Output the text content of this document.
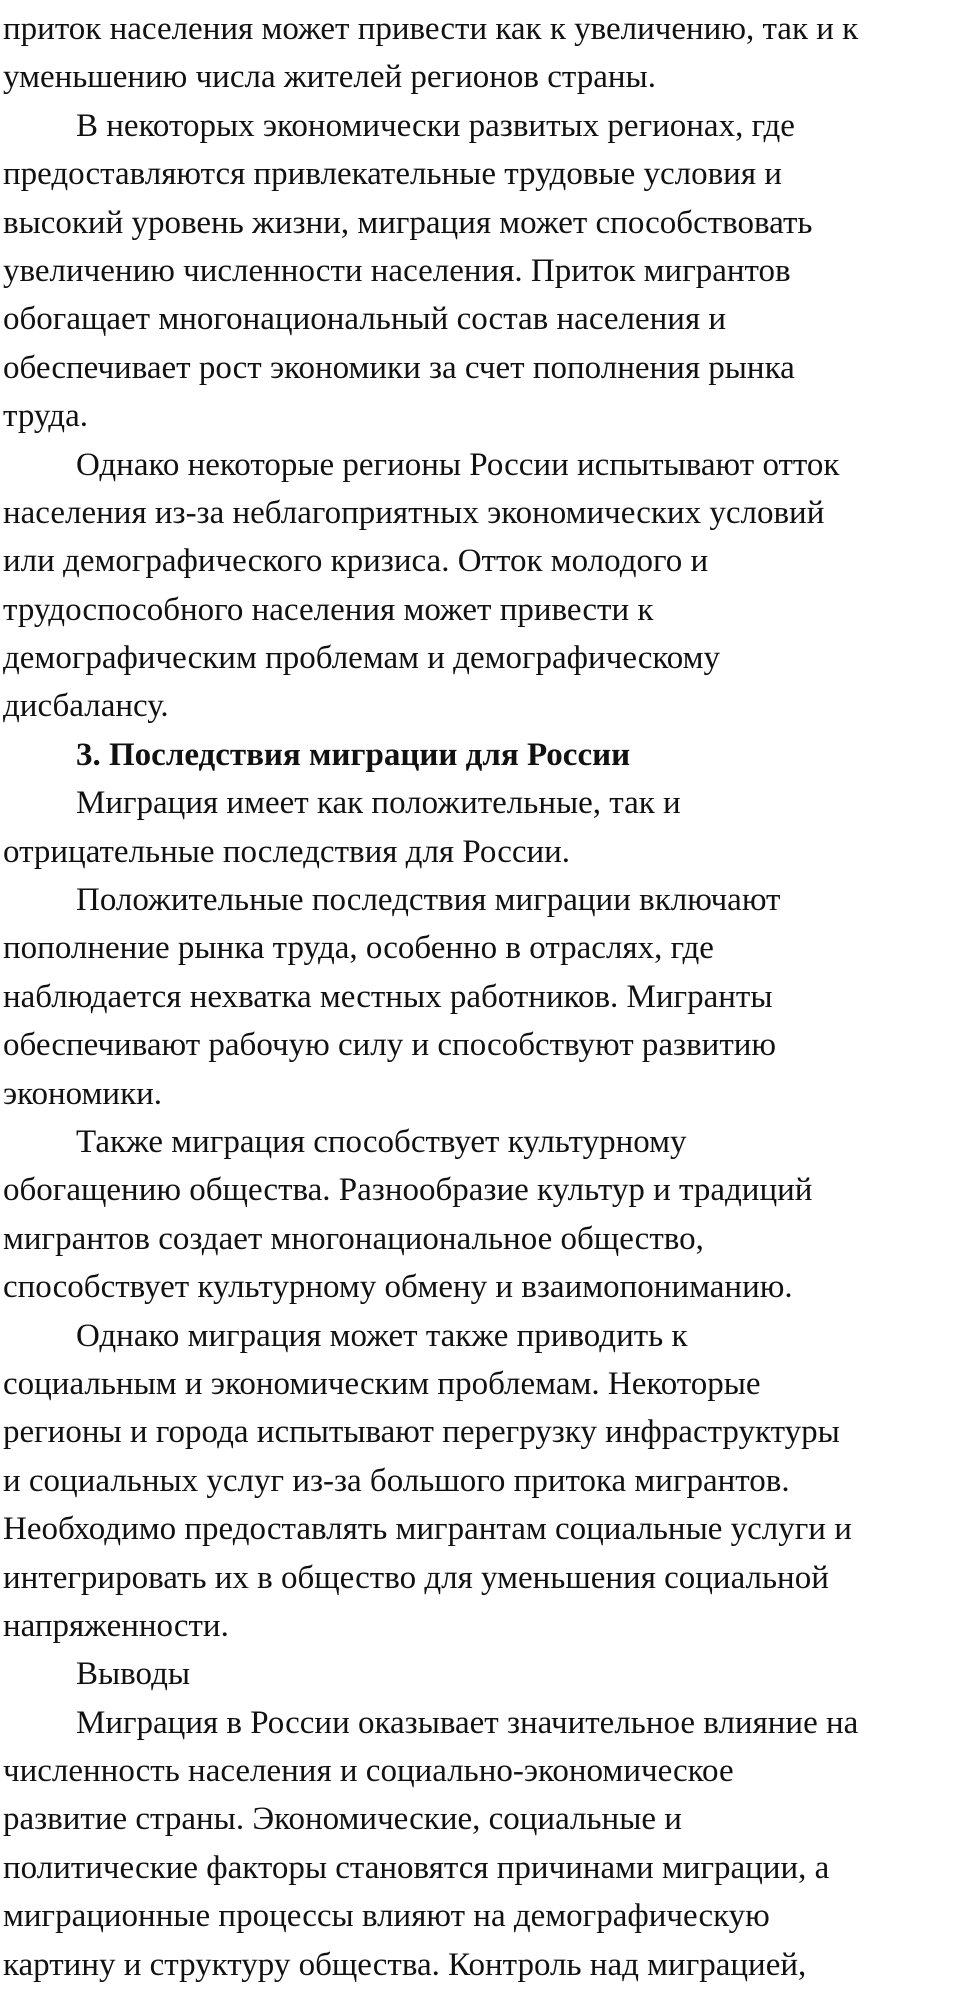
приток населения может привести как к увеличению, так и к
уменьшению числа жителей регионов страны.
В некоторых экономически развитых регионах, где
предоставляются привлекательные трудовые условия и
высокий уровень жизни, миграция может способствовать
увеличению численности населения. Приток мигрантов
обогащает многонациональный состав населения и
обеспечивает рост экономики за счет пополнения рынка
труда.
Однако некоторые регионы России испытывают отток
населения из-за неблагоприятных экономических условий
или демографического кризиса. Отток молодого и
трудоспособного населения может привести к
демографическим проблемам и демографическому
дисбалансу.
3. Последствия миграции для России
Миграция имеет как положительные, так и
отрицательные последствия для России.
Положительные последствия миграции включают
пополнение рынка труда, особенно в отраслях, где
наблюдается нехватка местных работников. Мигранты
обеспечивают рабочую силу и способствуют развитию
экономики.
Также миграция способствует культурному
обогащению общества. Разнообразие культур и традиций
мигрантов создает многонациональное общество,
способствует культурному обмену и взаимопониманию.
Однако миграция может также приводить к
социальным и экономическим проблемам. Некоторые
регионы и города испытывают перегрузку инфраструктуры
и социальных услуг из-за большого притока мигрантов.
Необходимо предоставлять мигрантам социальные услуги и
интегрировать их в общество для уменьшения социальной
напряженности.
Выводы
Миграция в России оказывает значительное влияние на
численность населения и социально-экономическое
развитие страны. Экономические, социальные и
политические факторы становятся причинами миграции, а
миграционные процессы влияют на демографическую
картину и структуру общества. Контроль над миграцией,
